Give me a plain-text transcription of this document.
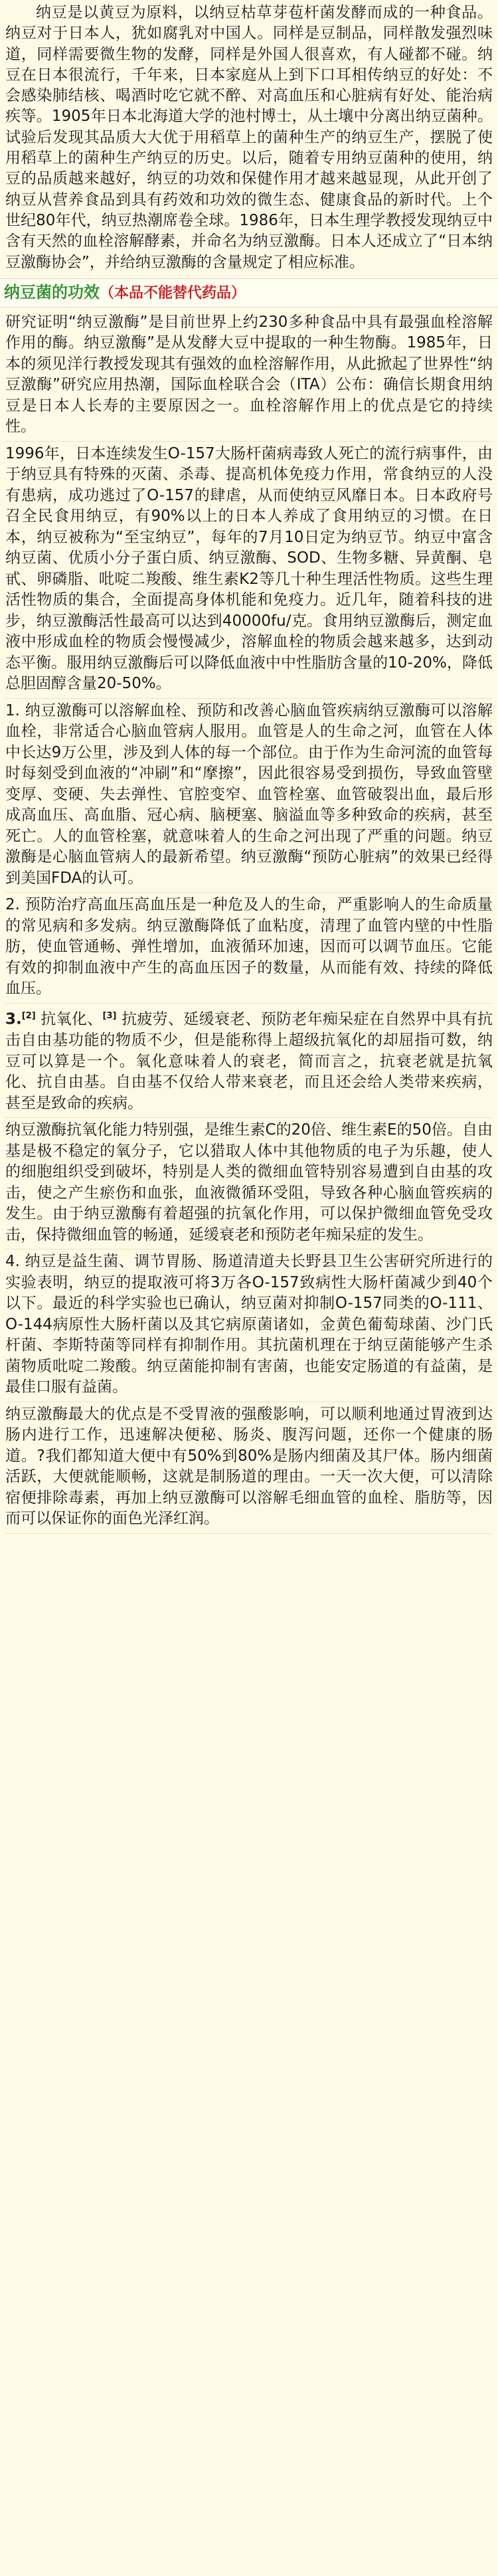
纳豆是以黄豆为原料，以纳豆枯草芽苞杆菌发酵而成的一种食品。纳豆对于日本人，犹如腐乳对中国人。同样是豆制品，同样散发强烈味道，同样需要微生物的发酵，同样是外国人很喜欢，有人碰都不碰。纳豆在日本很流行，千年来，日本家庭从上到下口耳相传纳豆的好处：不会感染肺结核、喝酒时吃它就不醉、对高血压和心脏病有好处、能治病疾等。1905年日本北海道大学的池村博士，从土壤中分离出纳豆菌种。试验后发现其品质大大优于用稻草上的菌种生产的纳豆生产，摆脱了使用稻草上的菌种生产纳豆的历史。以后，随着专用纳豆菌种的使用，纳豆的品质越来越好，纳豆的功效和保健作用才越来越显现，从此开创了纳豆从营养食品到具有药效和功效的微生态、健康食品的新时代。上个世纪80年代，纳豆热潮席卷全球。1986年，日本生理学教授发现纳豆中含有天然的血栓溶解酵素，并命名为纳豆激酶。日本人还成立了“日本纳豆激酶协会”，并给纳豆激酶的含量规定了相应标准。
纳豆菌的功效（本品不能替代药品）
研究证明“纳豆激酶”是目前世界上约230多种食品中具有最强血栓溶解作用的酶。纳豆激酶”是从发酵大豆中提取的一种生物酶。1985年，日本的须见洋行教授发现其有强效的血栓溶解作用，从此掀起了世界性“纳豆激酶”研究应用热潮，国际血栓联合会（ITA）公布：确信长期食用纳豆是日本人长寿的主要原因之一。血栓溶解作用上的优点是它的持续性。
1996年，日本连续发生O-157大肠杆菌病毒致人死亡的流行病事件，由于纳豆具有特殊的灭菌、杀毒、提高机体免疫力作用，常食纳豆的人没有患病，成功逃过了O-157的肆虐，从而使纳豆风靡日本。日本政府号召全民食用纳豆，有90%以上的日本人养成了食用纳豆的习惯。在日本，纳豆被称为“至宝纳豆”，每年的7月10日定为纳豆节。纳豆中富含纳豆菌、优质小分子蛋白质、纳豆激酶、SOD、生物多糖、异黄酮、皂甙、卵磷脂、吡啶二羧酸、维生素K2等几十种生理活性物质。这些生理活性物质的集合，全面提高身体机能和免疫力。近几年，随着科技的进步，纳豆激酶活性最高可以达到40000fu/克。食用纳豆激酶后，测定血液中形成血栓的物质会慢慢减少，溶解血栓的物质会越来越多，达到动态平衡。服用纳豆激酶后可以降低血液中中性脂肪含量的10-20%，降低总胆固醇含量20-50%。
1. 纳豆激酶可以溶解血栓、预防和改善心脑血管疾病纳豆激酶可以溶解血栓，非常适合心脑血管病人服用。血管是人的生命之河，血管在人体中长达9万公里，涉及到人体的每一个部位。由于作为生命河流的血管每时每刻受到血液的“冲刷”和“摩擦”，因此很容易受到损伤，导致血管壁变厚、变硬、失去弹性、官腔变窄、血管栓塞、血管破裂出血，最后形成高血压、高血脂、冠心病、脑梗塞、脑溢血等多种致命的疾病，甚至死亡。人的血管栓塞，就意味着人的生命之河出现了严重的问题。纳豆激酶是心脑血管病人的最新希望。纳豆激酶“预防心脏病”的效果已经得到美国FDA的认可。
2. 预防治疗高血压高血压是一种危及人的生命，严重影响人的生命质量的常见病和多发病。纳豆激酶降低了血粘度，清理了血管内壁的中性脂肪，使血管通畅、弹性增加，血液循环加速，因而可以调节血压。它能有效的抑制血液中产生的高血压因子的数量，从而能有效、持续的降低血压。
3.[2] 抗氧化、[3] 抗疲劳、延缓衰老、预防老年痴呆症在自然界中具有抗击自由基功能的物质不少，但是能称得上超级抗氧化的却屈指可数，纳豆可以算是一个。氧化意味着人的衰老，简而言之，抗衰老就是抗氧化、抗自由基。自由基不仅给人带来衰老，而且还会给人类带来疾病，甚至是致命的疾病。
纳豆激酶抗氧化能力特别强，是维生素C的20倍、维生素E的50倍。自由基是极不稳定的氧分子，它以猎取人体中其他物质的电子为乐趣，使人的细胞组织受到破坏，特别是人类的微细血管特别容易遭到自由基的攻击，使之产生瘀伤和血张，血液微循环受阻，导致各种心脑血管疾病的发生。由于纳豆激酶有着超强的抗氧化作用，可以保护微细血管免受攻击，保持微细血管的畅通，延缓衰老和预防老年痴呆症的发生。
4. 纳豆是益生菌、调节胃肠、肠道清道夫长野县卫生公害研究所进行的实验表明，纳豆的提取液可将3万各O-157致病性大肠杆菌减少到40个以下。最近的科学实验也已确认，纳豆菌对抑制O-157同类的O-111、O-144病原性大肠杆菌以及其它病原菌诸如，金黄色葡萄球菌、沙门氏杆菌、李斯特菌等同样有抑制作用。其抗菌机理在于纳豆菌能够产生杀菌物质吡啶二羧酸。纳豆菌能抑制有害菌，也能安定肠道的有益菌，是最佳口服有益菌。
纳豆激酶最大的优点是不受胃液的强酸影响，可以顺利地通过胃液到达肠内进行工作，迅速解决便秘、肠炎、腹泻问题，还你一个健康的肠道。?我们都知道大便中有50%到80%是肠内细菌及其尸体。肠内细菌活跃，大便就能顺畅，这就是制肠道的理由。一天一次大便，可以清除宿便排除毒素，再加上纳豆激酶可以溶解毛细血管的血栓、脂肪等，因而可以保证你的面色光泽红润。
